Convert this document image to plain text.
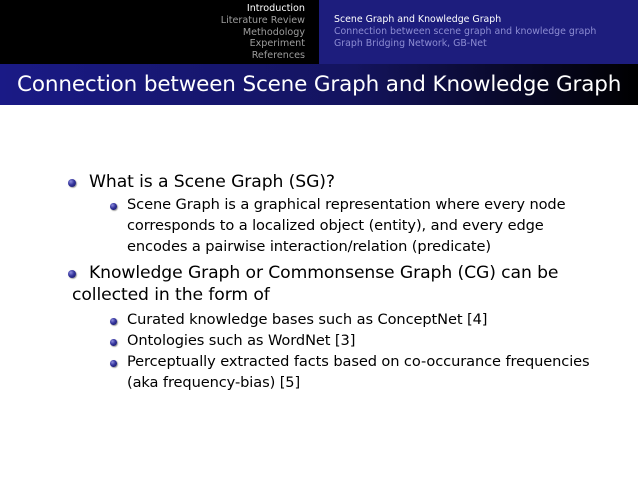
Introduction
Literature Review
Methodology
Experiment
References
Scene Graph and Knowledge Graph
Connection between scene graph and knowledge graph
Graph Bridging Network, GB-Net
Connection between Scene Graph and Knowledge Graph
What is a Scene Graph (SG)?
Scene Graph is a graphical representation where every node
corresponds to a localized object (entity), and every edge
encodes a pairwise interaction/relation (predicate)
Knowledge Graph or Commonsense Graph (CG) can be
collected in the form of
Curated knowledge bases such as ConceptNet [4]
Ontologies such as WordNet [3]
Perceptually extracted facts based on co-occurance frequencies
(aka frequency-bias) [5]
